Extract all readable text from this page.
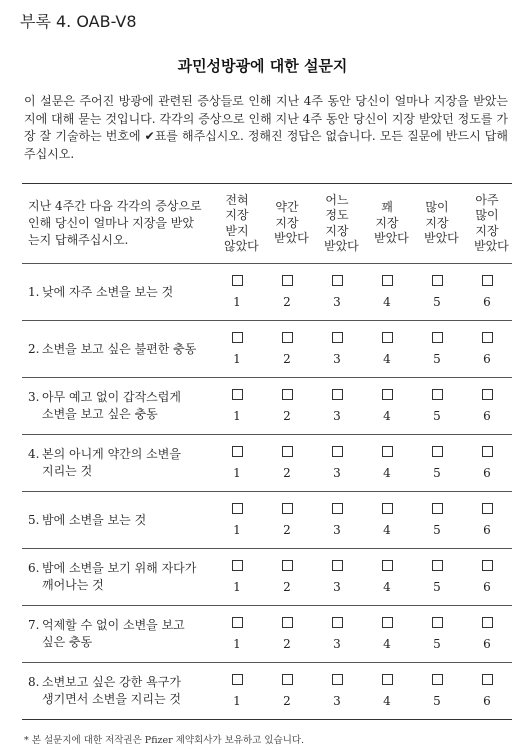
부록 4. OAB-V8
과민성방광에 대한 설문지
이 설문은 주어진 방광에 관련된 증상들로 인해 지난 4주 동안 당신이 얼마나 지장을 받았는지에 대해 묻는 것입니다. 각각의 증상으로 인해 지난 4주 동안 당신이 지장 받았던 정도를 가장 잘 기술하는 번호에 ✔표를 해주십시오. 정해진 정답은 없습니다. 모든 질문에 반드시 답해 주십시오.
지난 4주간 다음 각각의 증상으로 인해 당신이 얼마나 지장을 받았는지 답해주십시오.	전혀 지장 받지 않았다	약간 지장 받았다	어느 정도 지장 받았다	꽤 지장 받았다	많이 지장 받았다	아주 많이 지장 받았다

1. 낮에 자주 소변을 보는 것	1	2	3	4	5	6

2. 소변을 보고 싶은 불편한 충동	1	2	3	4	5	6

3. 아무 예고 없이 갑작스럽게
소변을 보고 싶은 충동	1	2	3	4	5	6

4. 본의 아니게 약간의 소변을
지리는 것	1	2	3	4	5	6

5. 밤에 소변을 보는 것	1	2	3	4	5	6

6. 밤에 소변을 보기 위해 자다가
깨어나는 것	1	2	3	4	5	6

7. 억제할 수 없이 소변을 보고
싶은 충동	1	2	3	4	5	6

8. 소변보고 싶은 강한 욕구가
생기면서 소변을 지리는 것	1	2	3	4	5	6
* 본 설문지에 대한 저작권은 Pfizer 제약회사가 보유하고 있습니다.
